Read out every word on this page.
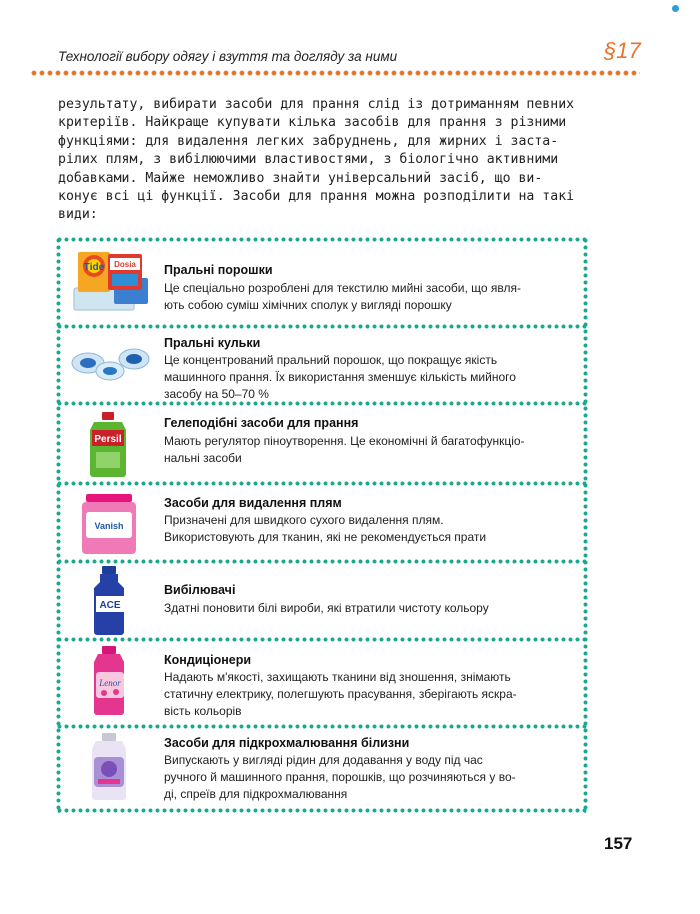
Технології вибору одягу і взуття та догляду за ними	§17
результату, вибирати засоби для прання слід із дотриманням певних
критеріїв. Найкраще купувати кілька засобів для прання з різними
функціями: для видалення легких забруднень, для жирних і заста-
рілих плям, з вибілюючими властивостями, з біологічно активними
добавками. Майже неможливо знайти універсальний засіб, що ви-
конує всі ці функції. Засоби для прання можна розподілити на такі
види:
Tide Dosia Пральні порошки
Це спеціально розроблені для текстилю мийні засоби, що явля-
ють собою суміш хімічних сполук у вигляді порошку
Пральні кульки
Це концентрований пральний порошок, що покращує якість
машинного прання. Їх використання зменшує кількість мийного
засобу на 50–70 %
Persil
Гелеподібні засоби для прання
Мають регулятор піноутворення. Це економічні й багатофункціо-
нальні засоби
Vanish
Засоби для видалення плям
Призначені для швидкого сухого видалення плям.
Використовують для тканин, які не рекомендується прати
ACE
Вибілювачі
Здатні поновити білі вироби, які втратили чистоту кольору
Lenor
Кондиціонери
Надають м'якості, захищають тканини від зношення, знімають
статичну електрику, полегшують прасування, зберігають яскра-
вість кольорів
Засоби для підкрохмалювання білизни
Випускають у вигляді рідин для додавання у воду під час
ручного й машинного прання, порошків, що розчиняються у во-
ді, спреїв для підкрохмалювання
157
